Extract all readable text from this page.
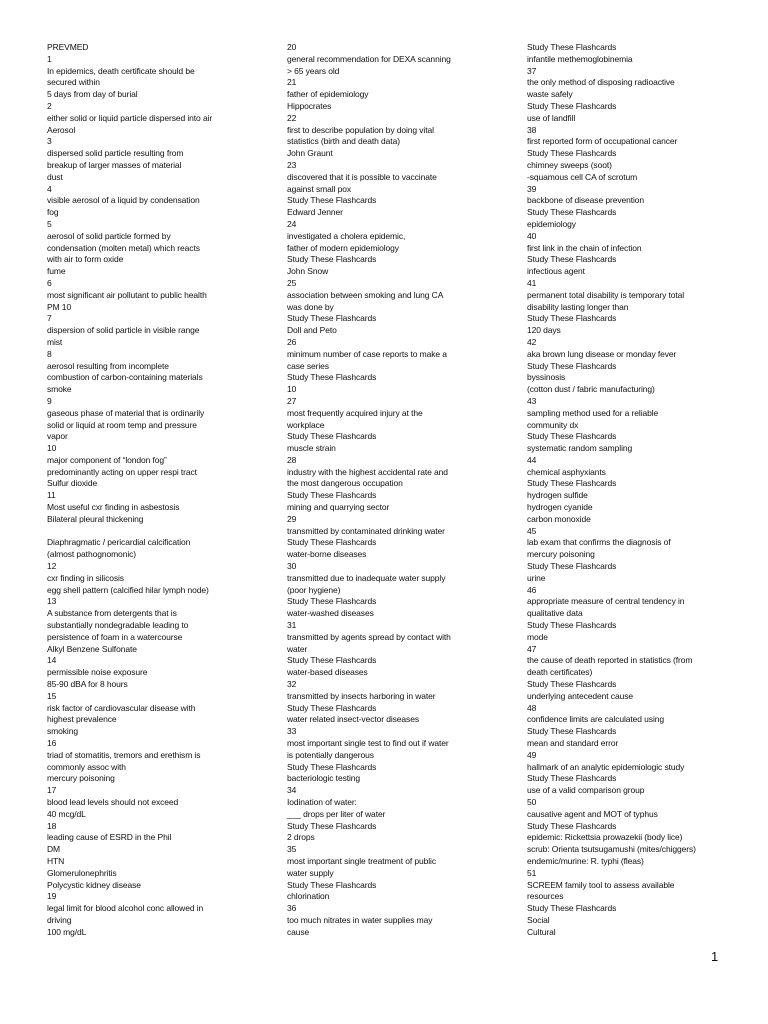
PREVMED
1
In epidemics, death certificate should be
secured within
5 days from day of burial
2
either solid or liquid particle dispersed into air
Aerosol
3
dispersed solid particle resulting from
breakup of larger masses of material
dust
4
visible aerosol of a liquid by condensation
fog
5
aerosol of solid particle formed by
condensation (molten metal) which reacts
with air to form oxide
fume
6
most significant air pollutant to public health
PM 10
7
dispersion of solid particle in visible range
mist
8
aerosol resulting from incomplete
combustion of carbon-containing materials
smoke
9
gaseous phase of material that is ordinarily
solid or liquid at room temp and pressure
vapor
10
major component of “london fog”
predominantly acting on upper respi tract
Sulfur dioxide
11
Most useful cxr finding in asbestosis
Bilateral pleural thickening
Diaphragmatic / pericardial calcification
(almost pathognomonic)
12
cxr finding in silicosis
egg shell pattern (calcified hilar lymph node)
13
A substance from detergents that is
substantially nondegradable leading to
persistence of foam in a watercourse
Alkyl Benzene Sulfonate
14
permissible noise exposure
85-90 dBA for 8 hours
15
risk factor of cardiovascular disease with
highest prevalence
smoking
16
triad of stomatitis, tremors and erethism is
commonly assoc with
mercury poisoning
17
blood lead levels should not exceed
40 mcg/dL
18
leading cause of ESRD in the Phil
DM
HTN
Glomerulonephritis
Polycystic kidney disease
19
legal limit for blood alcohol conc allowed in
driving
100 mg/dL
20
general recommendation for DEXA scanning
> 65 years old
21
father of epidemiology
Hippocrates
22
first to describe population by doing vital
statistics (birth and death data)
John Graunt
23
discovered that it is possible to vaccinate
against small pox
Study These Flashcards
Edward Jenner
24
investigated a cholera epidemic,
father of modern epidemiology
Study These Flashcards
John Snow
25
association between smoking and lung CA
was done by
Study These Flashcards
Doll and Peto
26
minimum number of case reports to make a
case series
Study These Flashcards
10
27
most frequently acquired injury at the
workplace
Study These Flashcards
muscle strain
28
industry with the highest accidental rate and
the most dangerous occupation
Study These Flashcards
mining and quarrying sector
29
transmitted by contaminated drinking water
Study These Flashcards
water-borne diseases
30
transmitted due to inadequate water supply
(poor hygiene)
Study These Flashcards
water-washed diseases
31
transmitted by agents spread by contact with
water
Study These Flashcards
water-based diseases
32
transmitted by insects harboring in water
Study These Flashcards
water related insect-vector diseases
33
most important single test to find out if water
is potentially dangerous
Study These Flashcards
bacteriologic testing
34
Iodination of water:
___ drops per liter of water
Study These Flashcards
2 drops
35
most important single treatment of public
water supply
Study These Flashcards
chlorination
36
too much nitrates in water supplies may
cause
Study These Flashcards
infantile methemoglobinemia
37
the only method of disposing radioactive
waste safely
Study These Flashcards
use of landfill
38
first reported form of occupational cancer
Study These Flashcards
chimney sweeps (soot)
-squamous cell CA of scrotum
39
backbone of disease prevention
Study These Flashcards
epidemiology
40
first link in the chain of infection
Study These Flashcards
infectious agent
41
permanent total disability is temporary total
disability lasting longer than
Study These Flashcards
120 days
42
aka brown lung disease or monday fever
Study These Flashcards
byssinosis
(cotton dust / fabric manufacturing)
43
sampling method used for a reliable
community dx
Study These Flashcards
systematic random sampling
44
chemical asphyxiants
Study These Flashcards
hydrogen sulfide
hydrogen cyanide
carbon monoxide
45
lab exam that confirms the diagnosis of
mercury poisoning
Study These Flashcards
urine
46
appropriate measure of central tendency in
qualitative data
Study These Flashcards
mode
47
the cause of death reported in statistics (from
death certificates)
Study These Flashcards
underlying antecedent cause
48
confidence limits are calculated using
Study These Flashcards
mean and standard error
49
hallmark of an analytic epidemiologic study
Study These Flashcards
use of a valid comparison group
50
causative agent and MOT of typhus
Study These Flashcards
epidemic: Rickettsia prowazekii (body lice)
scrub: Orienta tsutsugamushi (mites/chiggers)
endemic/murine: R. typhi (fleas)
51
SCREEM family tool to assess available
resources
Study These Flashcards
Social
Cultural
1
